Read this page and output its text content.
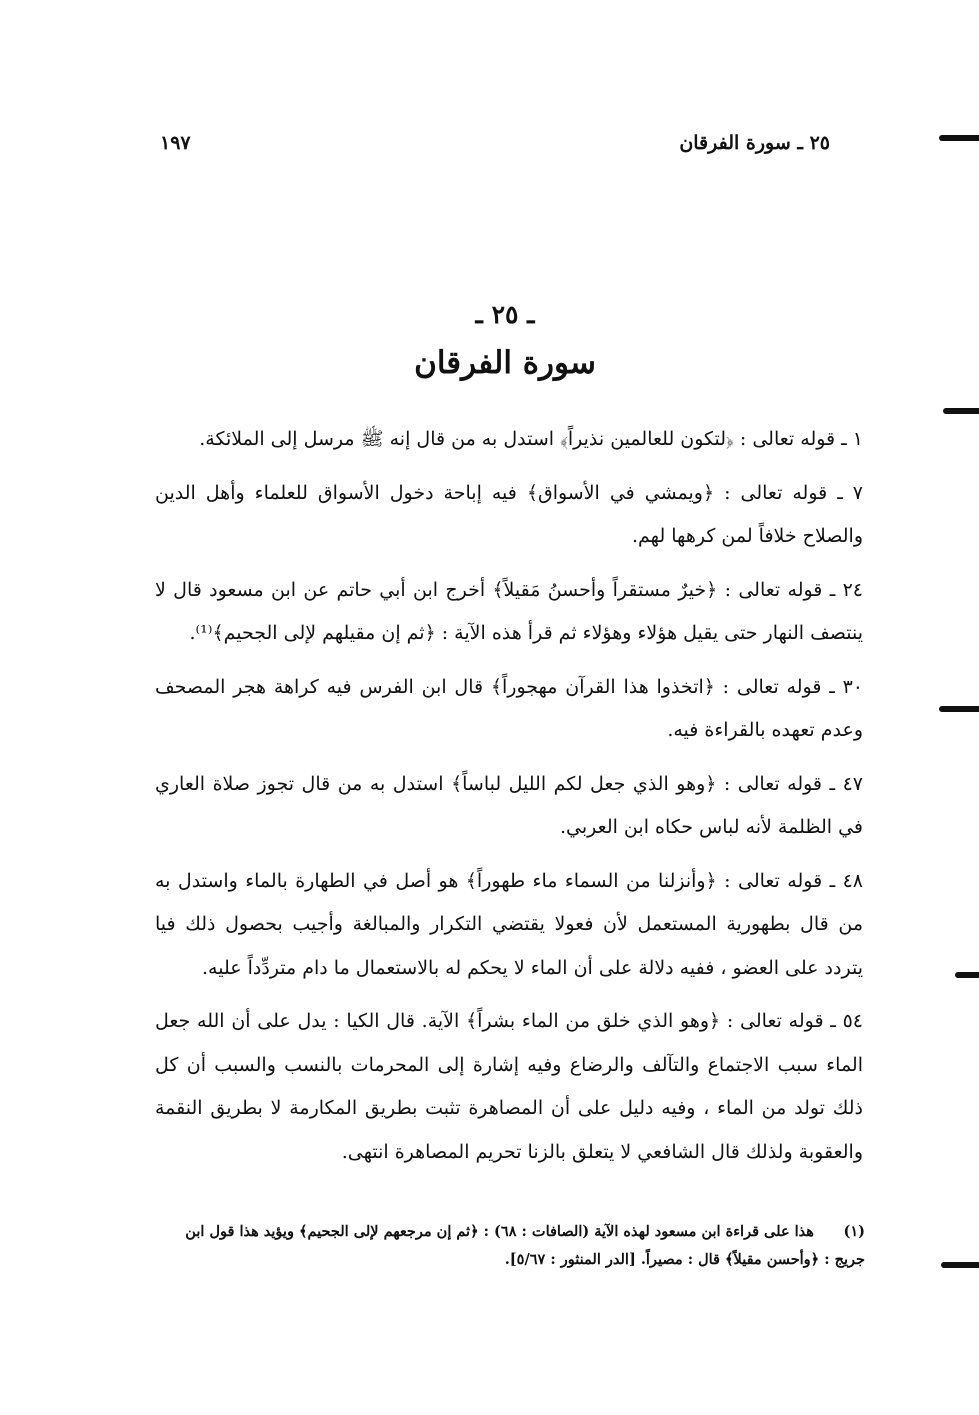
٢٥ ـ سورة الفرقان
١٩٧
ـ ٢٥ ـ
سورة الفرقان

١ ـ قوله تعالى : ﴿لتكون للعالمين نذيراً﴾ استدل به من قال إنه ﷺ مرسل إلى الملائكة.

٧ ـ قوله تعالى : ﴿ويمشي في الأسواق﴾ فيه إباحة دخول الأسواق للعلماء وأهل الدين والصلاح خلافاً لمن كرهها لهم.

٢٤ ـ قوله تعالى : ﴿خيرٌ مستقراً وأحسنُ مَقيلاً﴾ أخرج ابن أبي حاتم عن ابن مسعود قال لا ينتصف النهار حتى يقيل هؤلاء وهؤلاء ثم قرأ هذه الآية : ﴿ثم إن مقيلهم لإلى الجحيم﴾⁽¹⁾.

٣٠ ـ قوله تعالى : ﴿اتخذوا هذا القرآن مهجوراً﴾ قال ابن الفرس فيه كراهة هجر المصحف وعدم تعهده بالقراءة فيه.

٤٧ ـ قوله تعالى : ﴿وهو الذي جعل لكم الليل لباساً﴾ استدل به من قال تجوز صلاة العاري في الظلمة لأنه لباس حكاه ابن العربي.

٤٨ ـ قوله تعالى : ﴿وأنزلنا من السماء ماء طهوراً﴾ هو أصل في الطهارة بالماء واستدل به من قال بطهورية المستعمل لأن فعولا يقتضي التكرار والمبالغة وأجيب بحصول ذلك فيا يتردد على العضو ، ففيه دلالة على أن الماء لا يحكم له بالاستعمال ما دام متردِّداً عليه.

٥٤ ـ قوله تعالى : ﴿وهو الذي خلق من الماء بشراً﴾ الآية. قال الكيا : يدل على أن الله جعل الماء سبب الاجتماع والتآلف والرضاع وفيه إشارة إلى المحرمات بالنسب والسبب أن كل ذلك تولد من الماء ، وفيه دليل على أن المصاهرة تثبت بطريق المكارمة لا بطريق النقمة والعقوبة ولذلك قال الشافعي لا يتعلق بالزنا تحريم المصاهرة انتهى.

(١) هذا على قراءة ابن مسعود لهذه الآية (الصافات : ٦٨) : ﴿ثم إن مرجعهم لإلى الجحيم﴾ ويؤيد هذا قول ابن جريج : ﴿وأحسن مقيلاً﴾ قال : مصيراً. [الدر المنثور : ٥/٦٧].
